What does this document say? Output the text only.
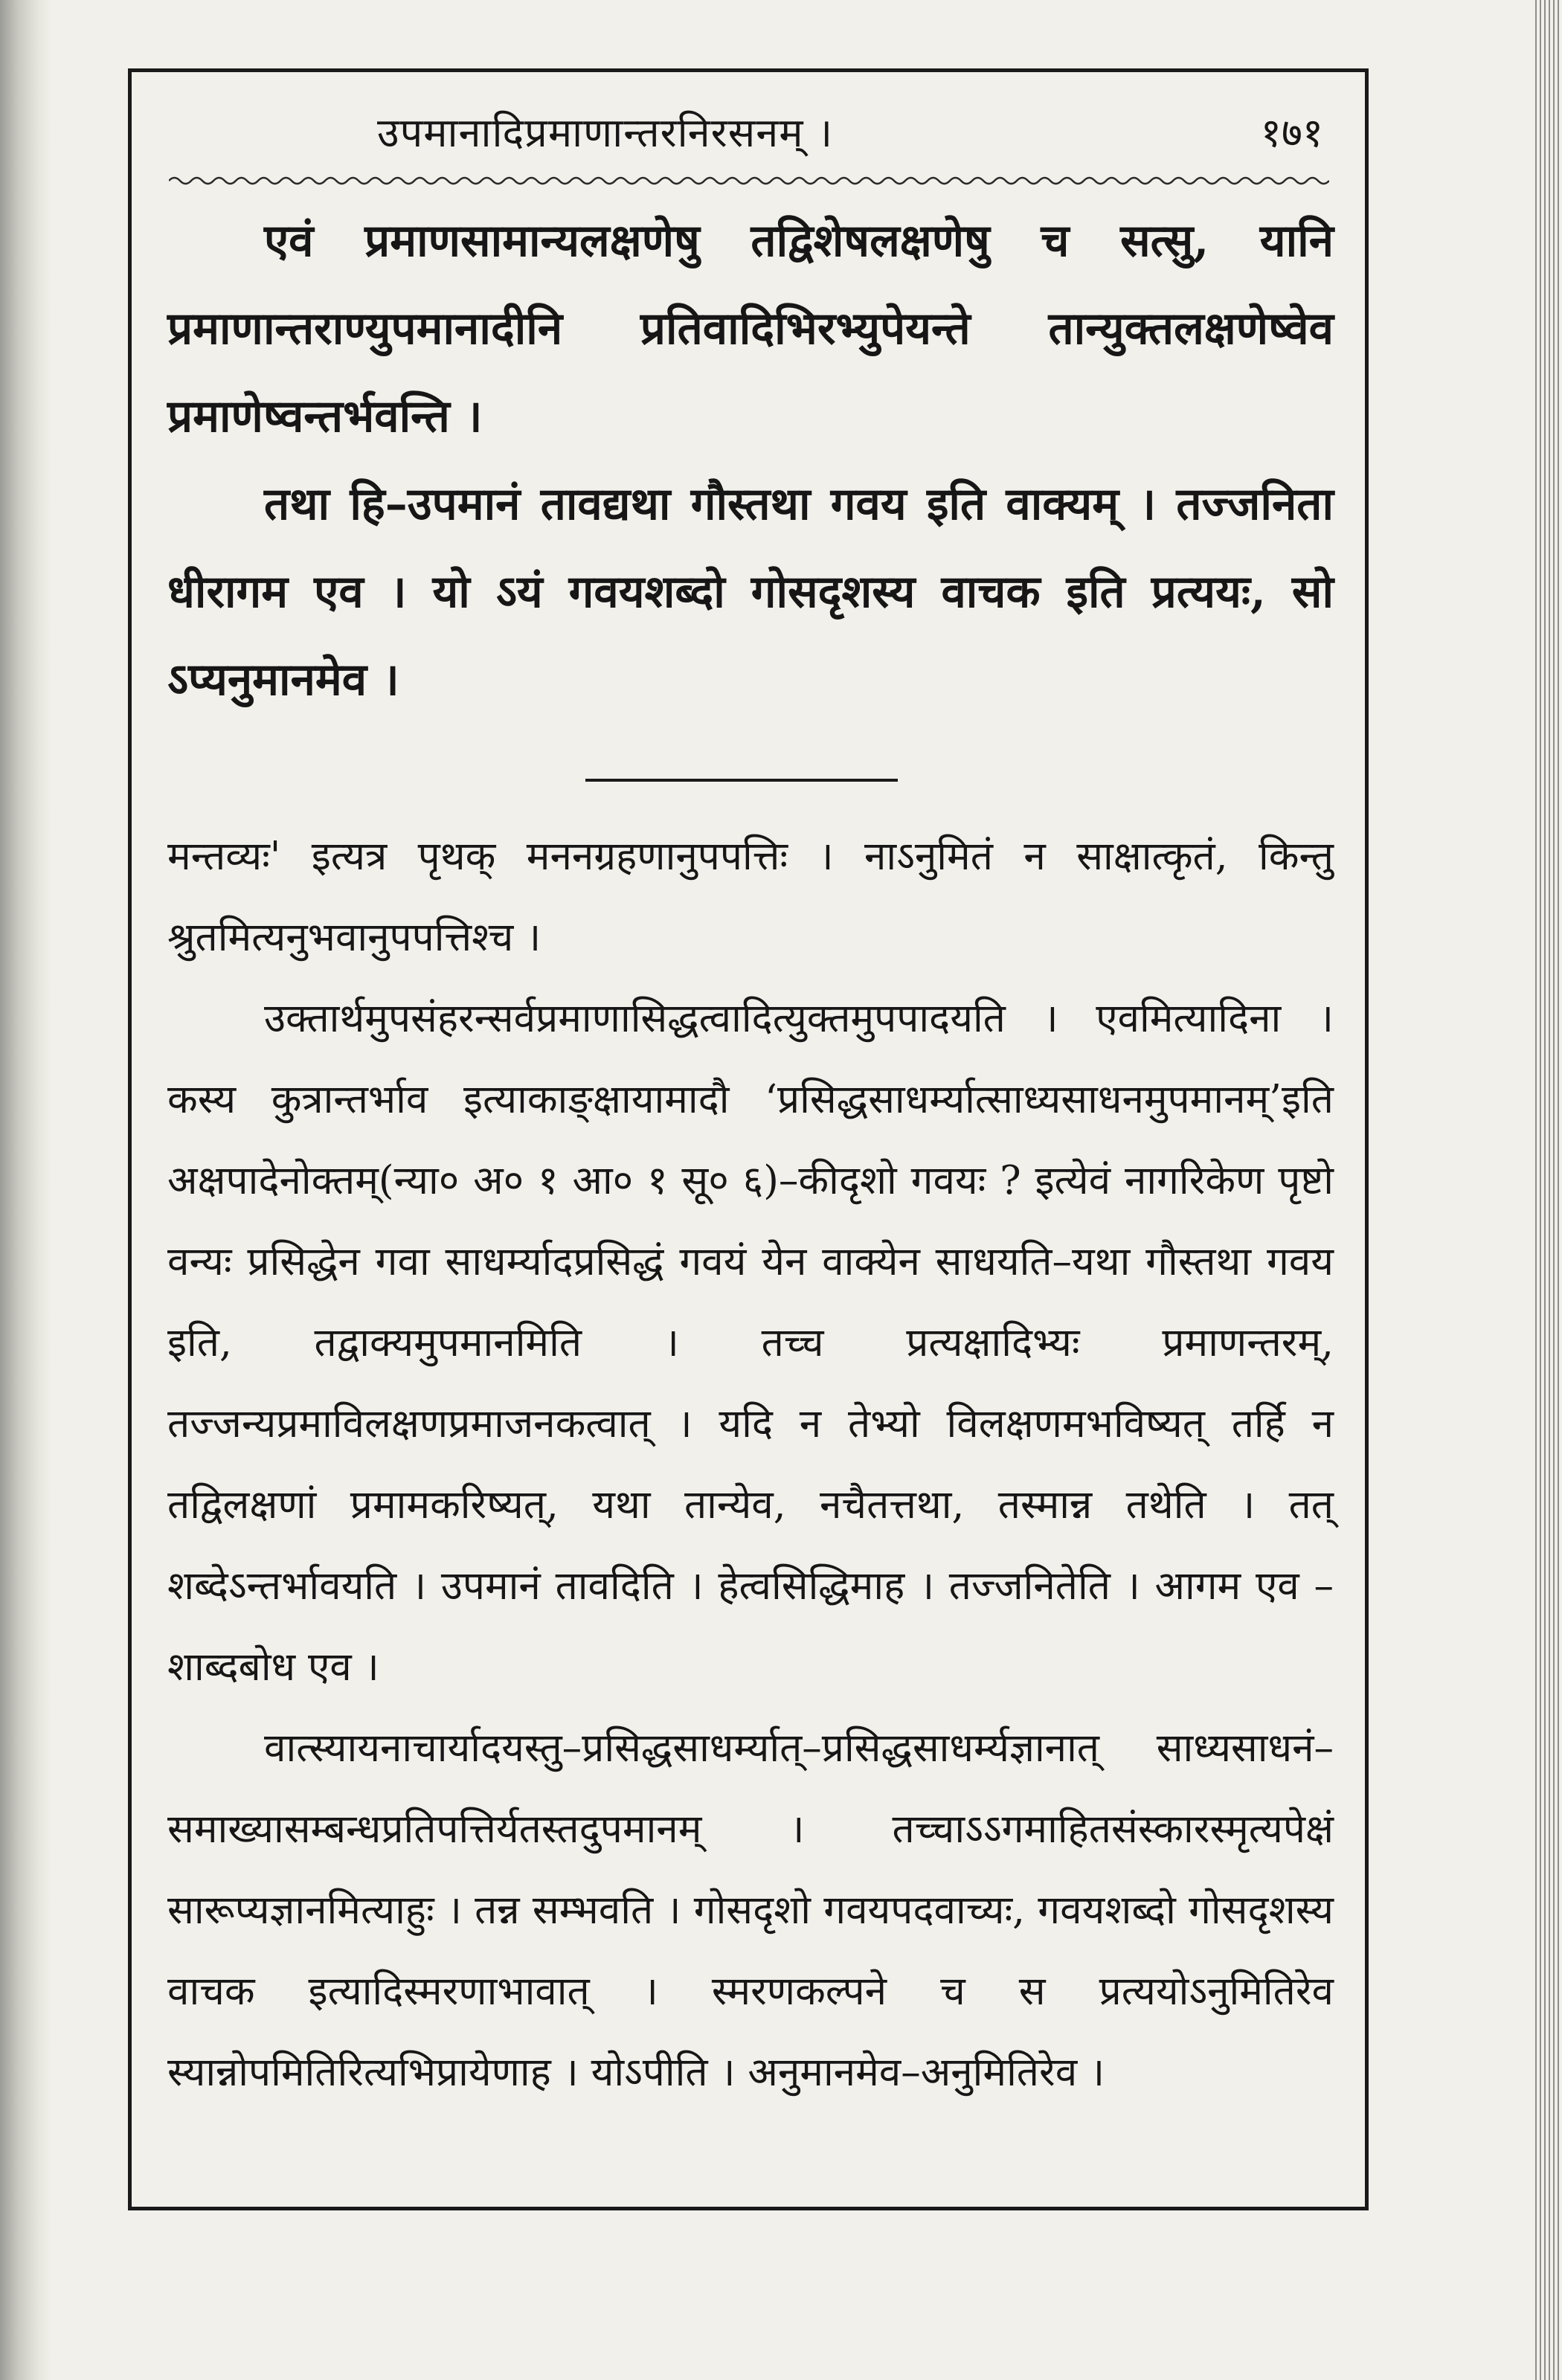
उपमानादिप्रमाणान्तरनिरसनम् ।	१७१

एवं प्रमाणसामान्यलक्षणेषु तद्विशेषलक्षणेषु च सत्सु, यानि प्रमाणान्तराण्युपमानादीनि प्रतिवादिभिरभ्युपेयन्ते तान्युक्तलक्षणेष्वेव प्रमाणेष्वन्तर्भवन्ति ।

तथा हि–उपमानं तावद्यथा गौस्तथा गवय इति वाक्यम् । तज्जनिता धीरागम एव । यो ऽयं गवयशब्दो गोसदृशस्य वाचक इति प्रत्ययः, सो ऽप्यनुमानमेव ।

मन्तव्यः' इत्यत्र पृथक् मननग्रहणानुपपत्तिः । नाऽनुमितं न साक्षात्कृतं, किन्तु श्रुतमित्यनुभवानुपपत्तिश्च ।

उक्तार्थमुपसंहरन्सर्वप्रमाणासिद्धत्वादित्युक्तमुपपादयति । एवमित्यादिना । कस्य कुत्रान्तर्भाव इत्याकाङ्क्षायामादौ ‘प्रसिद्धसाधर्म्यात्साध्यसाधनमुपमानम्’इति अक्षपादेनोक्तम्(न्या० अ० १ आ० १ सू० ६)–कीदृशो गवयः ? इत्येवं नागरिकेण पृष्टो वन्यः प्रसिद्धेन गवा साधर्म्यादप्रसिद्धं गवयं येन वाक्येन साधयति–यथा गौस्तथा गवय इति, तद्वाक्यमुपमानमिति । तच्च प्रत्यक्षादिभ्यः प्रमाणन्तरम्, तज्जन्यप्रमाविलक्षणप्रमाजनकत्वात् । यदि न तेभ्यो विलक्षणमभविष्यत् तर्हि न तद्विलक्षणां प्रमामकरिष्यत्, यथा तान्येव, नचैतत्तथा, तस्मान्न तथेति । तत् शब्देऽन्तर्भावयति । उपमानं तावदिति । हेत्वसिद्धिमाह । तज्जनितेति । आगम एव –शाब्दबोध एव ।

वात्स्यायनाचार्यादयस्तु–प्रसिद्धसाधर्म्यात्–प्रसिद्धसाधर्म्यज्ञानात् साध्यसाधनं–समाख्यासम्बन्धप्रतिपत्तिर्यतस्तदुपमानम् । तच्चाऽऽगमाहितसंस्कारस्मृत्यपेक्षं सारूप्यज्ञानमित्याहुः । तन्न सम्भवति । गोसदृशो गवयपदवाच्यः, गवयशब्दो गोसदृशस्य वाचक इत्यादिस्मरणाभावात् । स्मरणकल्पने च स प्रत्ययोऽनुमितिरेव स्यान्नोपमितिरित्यभिप्रायेणाह । योऽपीति । अनुमानमेव–अनुमितिरेव ।
